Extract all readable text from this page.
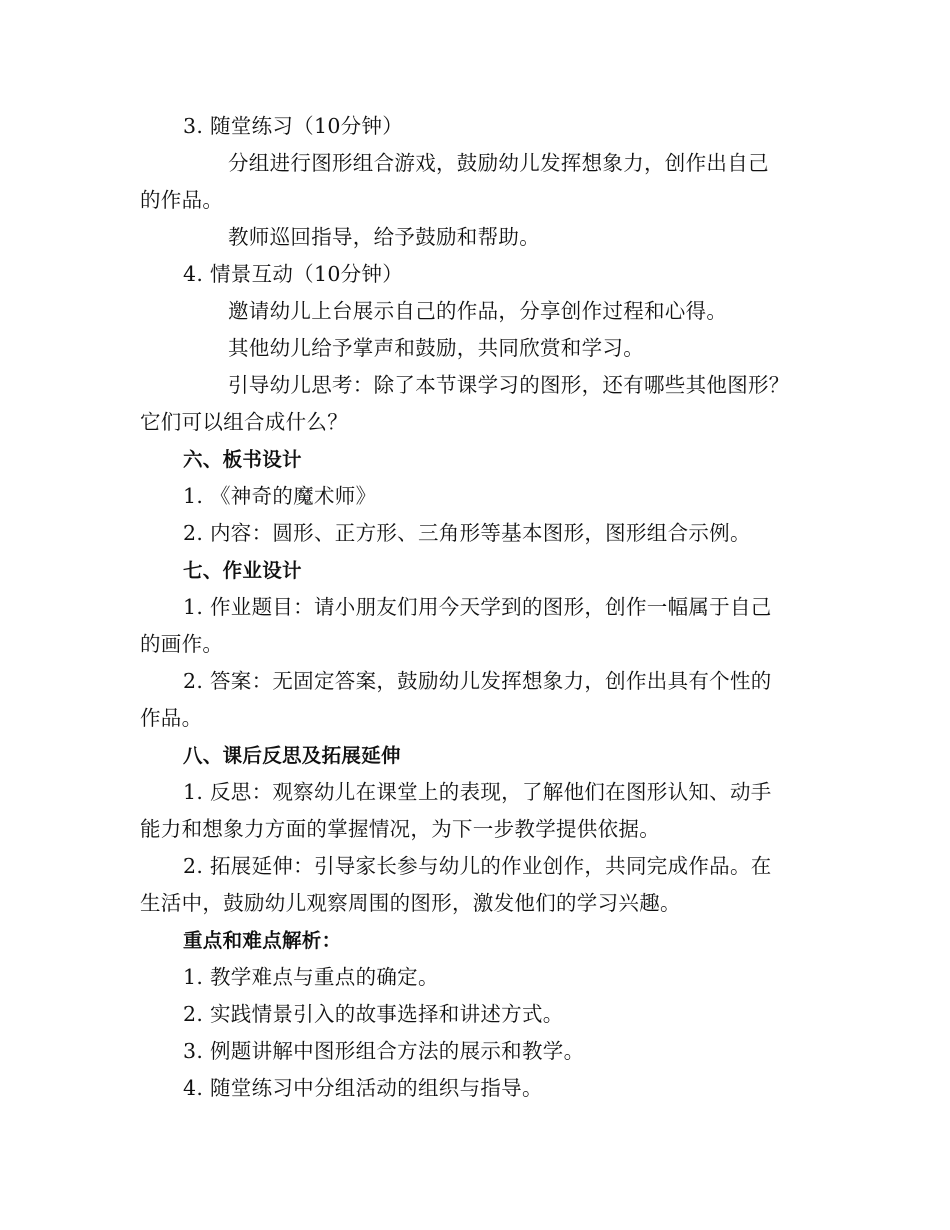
3. 随堂练习（10分钟）
分组进行图形组合游戏，鼓励幼儿发挥想象力，创作出自己
的作品。
教师巡回指导，给予鼓励和帮助。
4. 情景互动（10分钟）
邀请幼儿上台展示自己的作品，分享创作过程和心得。
其他幼儿给予掌声和鼓励，共同欣赏和学习。
引导幼儿思考：除了本节课学习的图形，还有哪些其他图形？
它们可以组合成什么？
六、板书设计
1. 《神奇的魔术师》
2. 内容：圆形、正方形、三角形等基本图形，图形组合示例。
七、作业设计
1. 作业题目：请小朋友们用今天学到的图形，创作一幅属于自己
的画作。
2. 答案：无固定答案，鼓励幼儿发挥想象力，创作出具有个性的
作品。
八、课后反思及拓展延伸
1. 反思：观察幼儿在课堂上的表现，了解他们在图形认知、动手
能力和想象力方面的掌握情况，为下一步教学提供依据。
2. 拓展延伸：引导家长参与幼儿的作业创作，共同完成作品。在
生活中，鼓励幼儿观察周围的图形，激发他们的学习兴趣。
重点和难点解析：
1. 教学难点与重点的确定。
2. 实践情景引入的故事选择和讲述方式。
3. 例题讲解中图形组合方法的展示和教学。
4. 随堂练习中分组活动的组织与指导。
